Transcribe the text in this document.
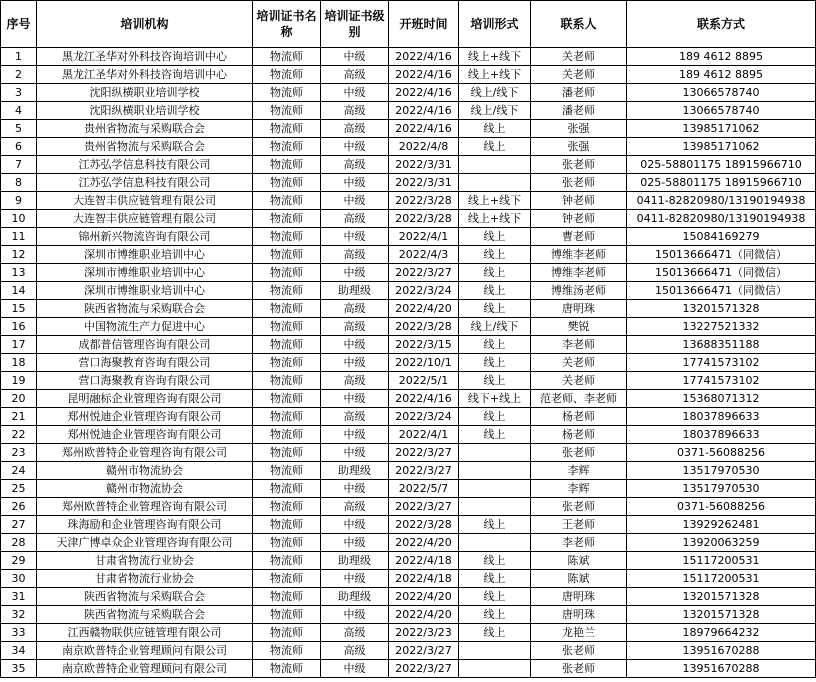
序号	培训机构	培训证书名称	培训证书级别	开班时间	培训形式	联系人	联系方式
1	黑龙江圣华对外科技咨询培训中心	物流师	中级	2022/4/16	线上+线下	关老师	189 4612 8895
2	黑龙江圣华对外科技咨询培训中心	物流师	高级	2022/4/16	线上+线下	关老师	189 4612 8895
3	沈阳纵横职业培训学校	物流师	中级	2022/4/16	线上/线下	潘老师	13066578740
4	沈阳纵横职业培训学校	物流师	高级	2022/4/16	线上/线下	潘老师	13066578740
5	贵州省物流与采购联合会	物流师	高级	2022/4/16	线上	张强	13985171062
6	贵州省物流与采购联合会	物流师	中级	2022/4/8	线上	张强	13985171062
7	江苏弘学信息科技有限公司	物流师	高级	2022/3/31		张老师	025-58801175 18915966710
8	江苏弘学信息科技有限公司	物流师	中级	2022/3/31		张老师	025-58801175 18915966710
9	大连智丰供应链管理有限公司	物流师	中级	2022/3/28	线上+线下	钟老师	0411-82820980/13190194938
10	大连智丰供应链管理有限公司	物流师	高级	2022/3/28	线上+线下	钟老师	0411-82820980/13190194938
11	锦州新兴物流咨询有限公司	物流师	中级	2022/4/1	线上	曹老师	15084169279
12	深圳市博维职业培训中心	物流师	高级	2022/4/3	线上	博维李老师	15013666471（同微信）
13	深圳市博维职业培训中心	物流师	中级	2022/3/27	线上	博维李老师	15013666471（同微信）
14	深圳市博维职业培训中心	物流师	助理级	2022/3/24	线上	博维汤老师	15013666471（同微信）
15	陕西省物流与采购联合会	物流师	高级	2022/4/20	线上	唐明珠	13201571328
16	中国物流生产力促进中心	物流师	高级	2022/3/28	线上/线下	樊锐	13227521332
17	成都普信管理咨询有限公司	物流师	中级	2022/3/15	线上	李老师	13688351188
18	营口海聚教育咨询有限公司	物流师	中级	2022/10/1	线上	关老师	17741573102
19	营口海聚教育咨询有限公司	物流师	高级	2022/5/1	线上	关老师	17741573102
20	昆明融标企业管理咨询有限公司	物流师	中级	2022/4/16	线下+线上	范老师、李老师	15368071312
21	郑州悦迪企业管理咨询有限公司	物流师	高级	2022/3/24	线上	杨老师	18037896633
22	郑州悦迪企业管理咨询有限公司	物流师	中级	2022/4/1	线上	杨老师	18037896633
23	郑州欧普特企业管理咨询有限公司	物流师	中级	2022/3/27		张老师	0371-56088256
24	赣州市物流协会	物流师	助理级	2022/3/27		李辉	13517970530
25	赣州市物流协会	物流师	中级	2022/5/7		李辉	13517970530
26	郑州欧普特企业管理咨询有限公司	物流师	高级	2022/3/27		张老师	0371-56088256
27	珠海励和企业管理咨询有限公司	物流师	中级	2022/3/28	线上	王老师	13929262481
28	天津广博卓众企业管理咨询有限公司	物流师	中级	2022/4/20		李老师	13920063259
29	甘肃省物流行业协会	物流师	助理级	2022/4/18	线上	陈斌	15117200531
30	甘肃省物流行业协会	物流师	中级	2022/4/18	线上	陈斌	15117200531
31	陕西省物流与采购联合会	物流师	助理级	2022/4/20	线上	唐明珠	13201571328
32	陕西省物流与采购联合会	物流师	中级	2022/4/20	线上	唐明珠	13201571328
33	江西赣物联供应链管理有限公司	物流师	高级	2022/3/23	线上	龙艳兰	18979664232
34	南京欧普特企业管理顾问有限公司	物流师	高级	2022/3/27		张老师	13951670288
35	南京欧普特企业管理顾问有限公司	物流师	中级	2022/3/27		张老师	13951670288
